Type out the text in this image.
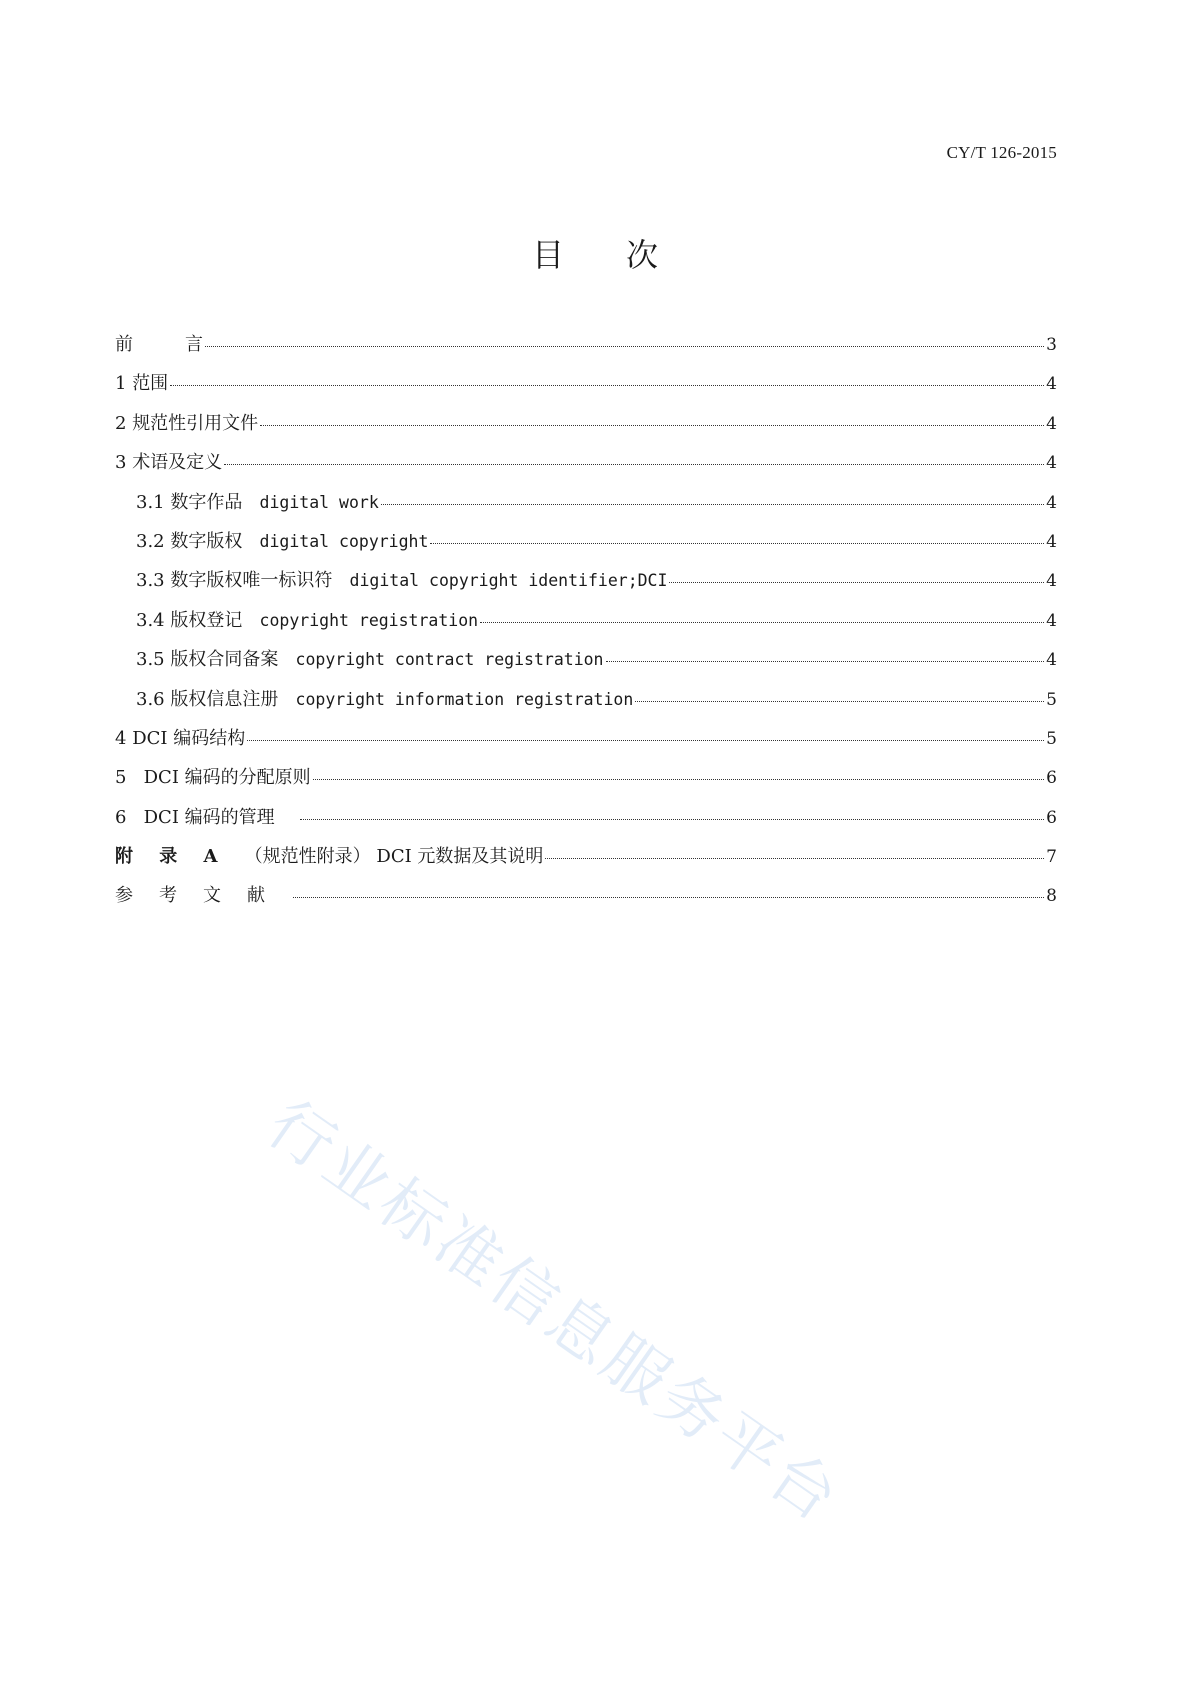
CY/T 126-2015
目 次
前言	3
1 范围	4
2 规范性引用文件	4
3 术语及定义	4
3.1 数字作品 digital work	4
3.2 数字版权 digital copyright	4
3.3 数字版权唯一标识符 digital copyright identifier;DCI	4
3.4 版权登记 copyright registration	4
3.5 版权合同备案 copyright contract registration	4
3.6 版权信息注册 copyright information registration	5
4 DCI 编码结构	5
5 DCI 编码的分配原则	6
6 DCI 编码的管理	6
附 录 A （规范性附录） DCI 元数据及其说明	7
参考文献	8
行业标准信息服务平台
